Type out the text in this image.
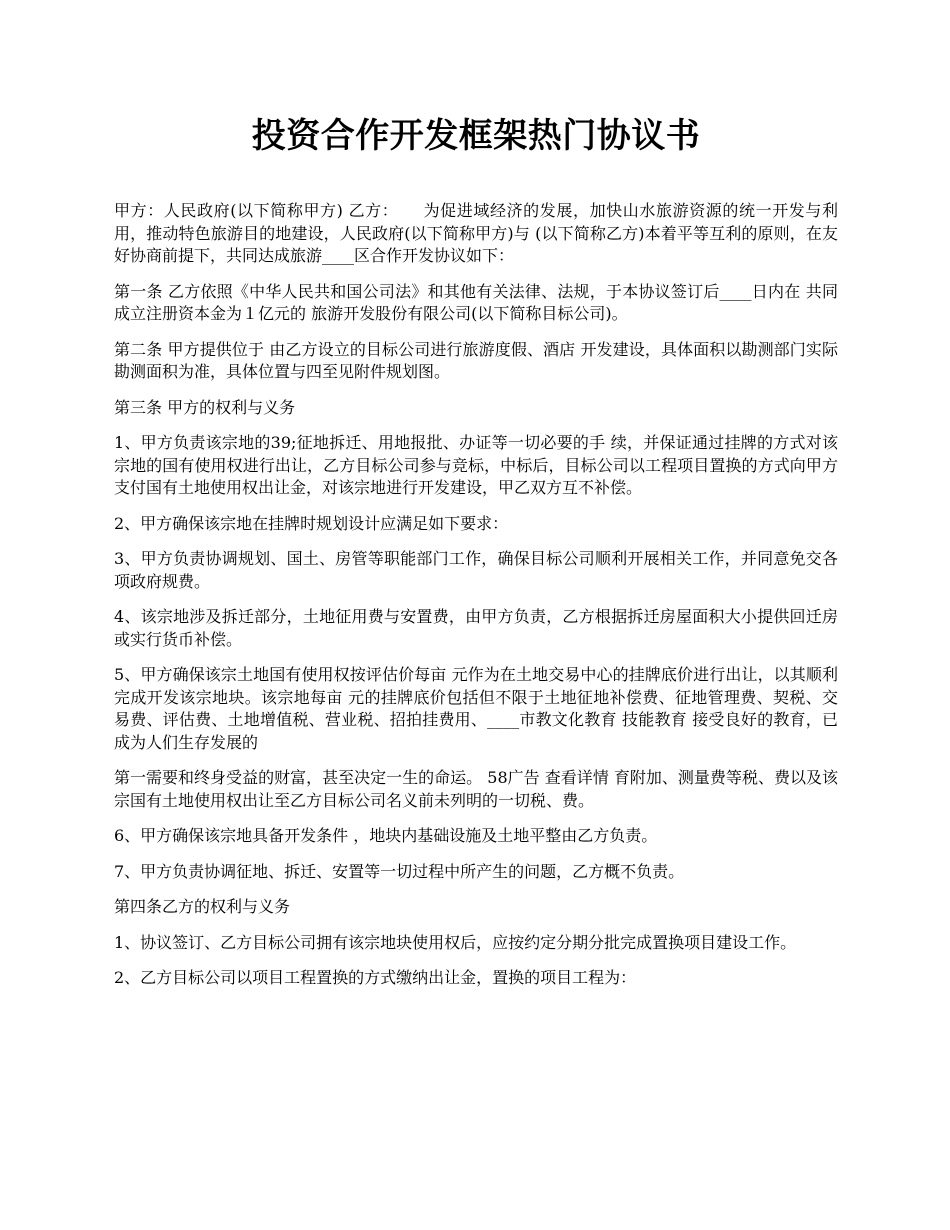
投资合作开发框架热门协议书

甲方：人民政府(以下简称甲方) 乙方：　　为促进域经济的发展，加快山水旅游资源的统一开发与利用，推动特色旅游目的地建设，人民政府(以下简称甲方)与 (以下简称乙方)本着平等互利的原则，在友好协商前提下，共同达成旅游____区合作开发协议如下：

第一条 乙方依照《中华人民共和国公司法》和其他有关法律、法规，于本协议签订后____日内在 共同成立注册资本金为１亿元的 旅游开发股份有限公司(以下简称目标公司)。

第二条 甲方提供位于 由乙方设立的目标公司进行旅游度假、酒店 开发建设，具体面积以勘测部门实际勘测面积为准，具体位置与四至见附件规划图。

第三条 甲方的权利与义务

1、甲方负责该宗地的39;征地拆迁、用地报批、办证等一切必要的手 续，并保证通过挂牌的方式对该宗地的国有使用权进行出让，乙方目标公司参与竞标，中标后，目标公司以工程项目置换的方式向甲方支付国有土地使用权出让金，对该宗地进行开发建设，甲乙双方互不补偿。

2、甲方确保该宗地在挂牌时规划设计应满足如下要求：

3、甲方负责协调规划、国土、房管等职能部门工作，确保目标公司顺利开展相关工作，并同意免交各项政府规费。

4、该宗地涉及拆迁部分，土地征用费与安置费，由甲方负责，乙方根据拆迁房屋面积大小提供回迁房或实行货币补偿。

5、甲方确保该宗土地国有使用权按评估价每亩 元作为在土地交易中心的挂牌底价进行出让，以其顺利完成开发该宗地块。该宗地每亩 元的挂牌底价包括但不限于土地征地补偿费、征地管理费、契税、交易费、评估费、土地增值税、营业税、招拍挂费用、____市教文化教育 技能教育 接受良好的教育，已成为人们生存发展的

第一需要和终身受益的财富，甚至决定一生的命运。 58广告 查看详情 育附加、测量费等税、费以及该宗国有土地使用权出让至乙方目标公司名义前未列明的一切税、费。

6、甲方确保该宗地具备开发条件 ，地块内基础设施及土地平整由乙方负责。

7、甲方负责协调征地、拆迁、安置等一切过程中所产生的问题，乙方概不负责。

第四条乙方的权利与义务

1、协议签订、乙方目标公司拥有该宗地块使用权后，应按约定分期分批完成置换项目建设工作。

2、乙方目标公司以项目工程置换的方式缴纳出让金，置换的项目工程为：
